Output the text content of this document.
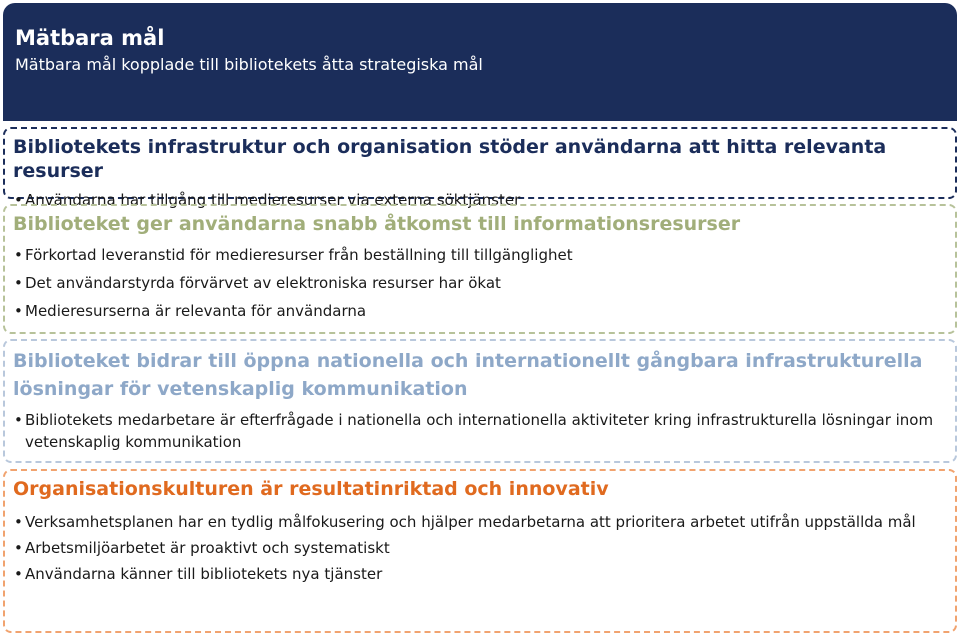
Mätbara mål
Mätbara mål kopplade till bibliotekets åtta strategiska mål
Bibliotekets infrastruktur och organisation stöder användarna att hitta relevanta resurser
• Användarna har tillgång till medieresurser via externa söktjänster
Biblioteket ger användarna snabb åtkomst till informationsresurser
• Förkortad leveranstid för medieresurser från beställning till tillgänglighet
• Det användarstyrda förvärvet av elektroniska resurser har ökat
• Medieresurserna är relevanta för användarna
Biblioteket bidrar till öppna nationella och internationellt gångbara infrastrukturella lösningar för vetenskaplig kommunikation
• Bibliotekets medarbetare är efterfrågade i nationella och internationella aktiviteter kring infrastrukturella lösningar inom vetenskaplig kommunikation
Organisationskulturen är resultatinriktad och innovativ
• Verksamhetsplanen har en tydlig målfokusering och hjälper medarbetarna att prioritera arbetet utifrån uppställda mål
• Arbetsmiljöarbetet är proaktivt och systematiskt
• Användarna känner till bibliotekets nya tjänster
